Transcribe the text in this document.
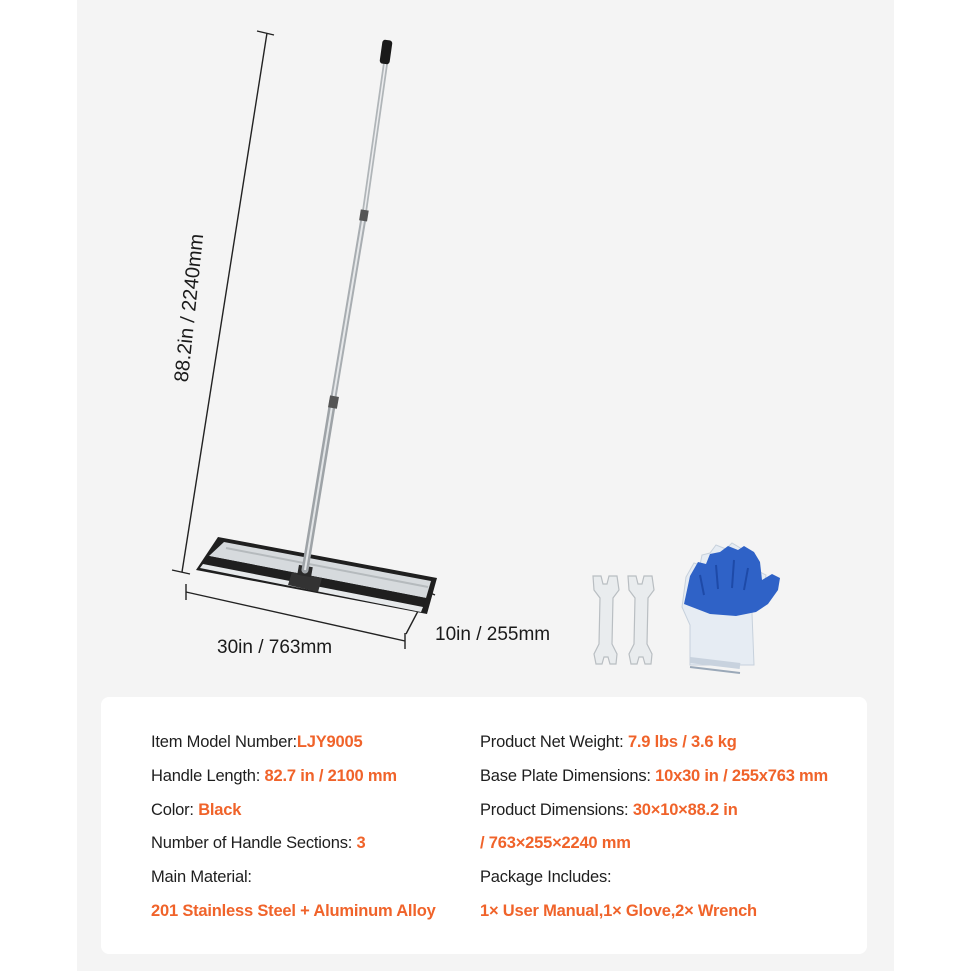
88.2in / 2240mm
30in / 763mm
10in / 255mm
Item Model Number:LJY9005
Handle Length: 82.7 in / 2100 mm
Color: Black
Number of Handle Sections: 3
Main Material:
201 Stainless Steel + Aluminum Alloy
Product Net Weight: 7.9 lbs / 3.6 kg
Base Plate Dimensions: 10x30 in / 255x763 mm
Product Dimensions: 30×10×88.2 in
/ 763×255×2240 mm
Package Includes:
1× User Manual,1× Glove,2× Wrench
